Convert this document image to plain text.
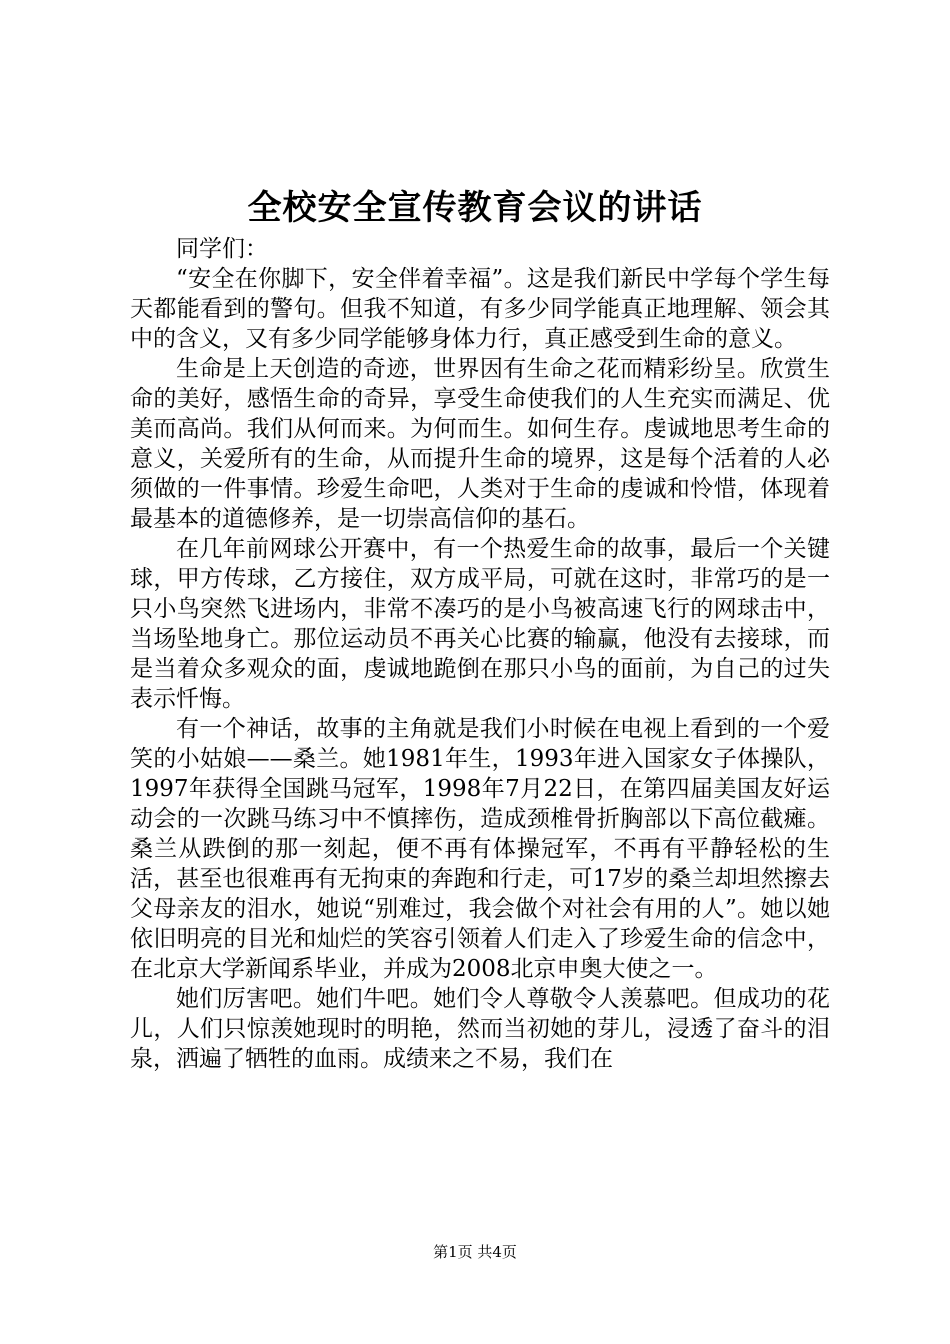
全校安全宣传教育会议的讲话

同学们：

“安全在你脚下，安全伴着幸福”。这是我们新民中学每个学生每天都能看到的警句。但我不知道，有多少同学能真正地理解、领会其中的含义，又有多少同学能够身体力行，真正感受到生命的意义。

生命是上天创造的奇迹，世界因有生命之花而精彩纷呈。欣赏生命的美好，感悟生命的奇异，享受生命使我们的人生充实而满足、优美而高尚。我们从何而来。为何而生。如何生存。虔诚地思考生命的意义，关爱所有的生命，从而提升生命的境界，这是每个活着的人必须做的一件事情。珍爱生命吧，人类对于生命的虔诚和怜惜，体现着最基本的道德修养，是一切崇高信仰的基石。

在几年前网球公开赛中，有一个热爱生命的故事，最后一个关键球，甲方传球，乙方接住，双方成平局，可就在这时，非常巧的是一只小鸟突然飞进场内，非常不凑巧的是小鸟被高速飞行的网球击中，当场坠地身亡。那位运动员不再关心比赛的输赢，他没有去接球，而是当着众多观众的面，虔诚地跪倒在那只小鸟的面前，为自己的过失表示忏悔。

有一个神话，故事的主角就是我们小时候在电视上看到的一个爱笑的小姑娘——桑兰。她1981年生，1993年进入国家女子体操队，1997年获得全国跳马冠军，1998年7月22日，在第四届美国友好运动会的一次跳马练习中不慎摔伤，造成颈椎骨折胸部以下高位截瘫。桑兰从跌倒的那一刻起，便不再有体操冠军，不再有平静轻松的生活，甚至也很难再有无拘束的奔跑和行走，可17岁的桑兰却坦然擦去父母亲友的泪水，她说“别难过，我会做个对社会有用的人”。她以她依旧明亮的目光和灿烂的笑容引领着人们走入了珍爱生命的信念中，在北京大学新闻系毕业，并成为2008北京申奥大使之一。

她们厉害吧。她们牛吧。她们令人尊敬令人羡慕吧。但成功的花儿，人们只惊羡她现时的明艳，然而当初她的芽儿，浸透了奋斗的泪泉，洒遍了牺牲的血雨。成绩来之不易，我们在

第1页 共4页
